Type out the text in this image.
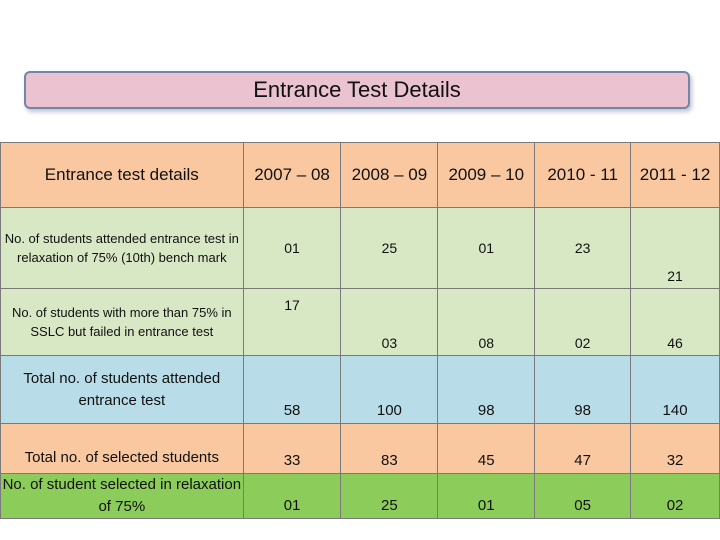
Entrance Test Details
Entrance test details	2007 – 08	2008 – 09	2009 – 10	2010 - 11	2011 - 12
No. of students attended entrance test in relaxation of 75% (10th) bench mark	01	25	01	23	21
No. of students with more than 75% in SSLC but failed in entrance test	17	03	08	02	46
Total no. of students attended entrance test	58	100	98	98	140
Total no. of selected students	33	83	45	47	32
No. of student selected in relaxation of 75%	01	25	01	05	02
